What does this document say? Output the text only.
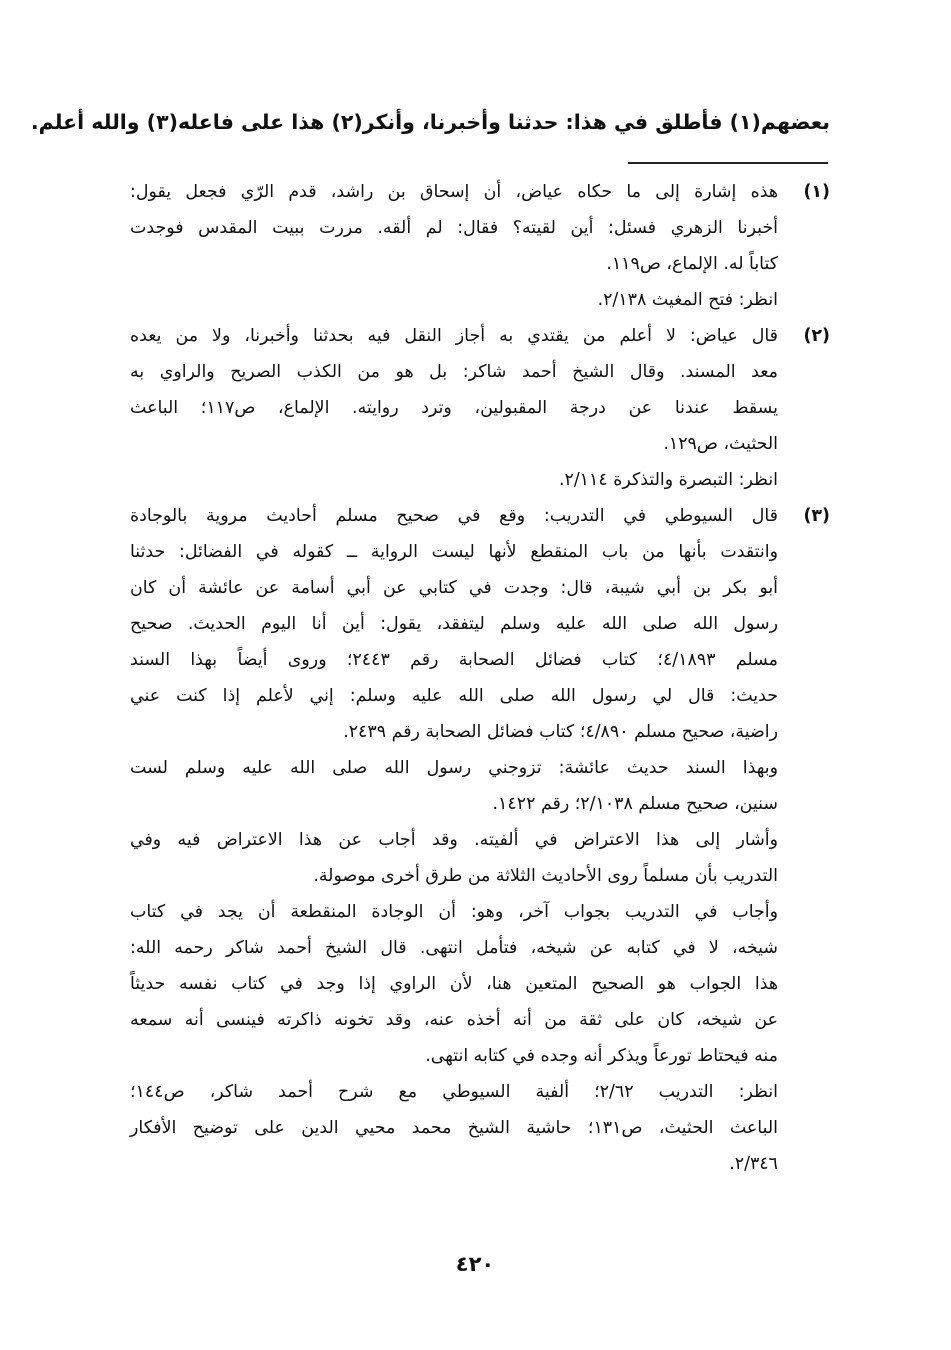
بعضهم(١) فأطلق في هذا: حدثنا وأخبرنا، وأنكر(٢) هذا على فاعله(٣) والله أعلم.
(١)
هذه إشارة إلى ما حكاه عياض، أن إسحاق بن راشد، قدم الرّي فجعل يقول:
أخبرنا الزهري فسئل: أين لقيته؟ فقال: لم ألقه. مررت ببيت المقدس فوجدت
كتاباً له. الإلماع، ص١١٩.
انظر: فتح المغيث ٢/١٣٨.
(٢)
قال عياض: لا أعلم من يقتدي به أجاز النقل فيه بحدثنا وأخبرنا، ولا من يعده
معد المسند. وقال الشيخ أحمد شاكر: بل هو من الكذب الصريح والراوي به
يسقط عندنا عن درجة المقبولين، وترد روايته. الإلماع، ص١١٧؛ الباعث
الحثيث، ص١٢٩.
انظر: التبصرة والتذكرة ٢/١١٤.
(٣)
قال السيوطي في التدريب: وقع في صحيح مسلم أحاديث مروية بالوجادة
وانتقدت بأنها من باب المنقطع لأنها ليست الرواية ــ كقوله في الفضائل: حدثنا
أبو بكر بن أبي شيبة، قال: وجدت في كتابي عن أبي أسامة عن عائشة أن كان
رسول الله صلى الله عليه وسلم ليتفقد، يقول: أين أنا اليوم الحديث. صحيح
مسلم ٤/١٨٩٣؛ كتاب فضائل الصحابة رقم ٢٤٤٣؛ وروى أيضاً بهذا السند
حديث: قال لي رسول الله صلى الله عليه وسلم: إني لأعلم إذا كنت عني
راضية، صحيح مسلم ٤/٨٩٠؛ كتاب فضائل الصحابة رقم ٢٤٣٩.
وبهذا السند حديث عائشة: تزوجني رسول الله صلى الله عليه وسلم لست
سنين، صحيح مسلم ٢/١٠٣٨؛ رقم ١٤٢٢.
وأشار إلى هذا الاعتراض في ألفيته. وقد أجاب عن هذا الاعتراض فيه وفي
التدريب بأن مسلماً روى الأحاديث الثلاثة من طرق أخرى موصولة.
وأجاب في التدريب بجواب آخر، وهو: أن الوجادة المنقطعة أن يجد في كتاب
شيخه، لا في كتابه عن شيخه، فتأمل انتهى. قال الشيخ أحمد شاكر رحمه الله:
هذا الجواب هو الصحيح المتعين هنا، لأن الراوي إذا وجد في كتاب نفسه حديثاً
عن شيخه، كان على ثقة من أنه أخذه عنه، وقد تخونه ذاكرته فينسى أنه سمعه
منه فيحتاط تورعاً ويذكر أنه وجده في كتابه انتهى.
انظر: التدريب ٢/٦٢؛ ألفية السيوطي مع شرح أحمد شاكر، ص١٤٤؛
الباعث الحثيث، ص١٣١؛ حاشية الشيخ محمد محيي الدين على توضيح الأفكار
٢/٣٤٦.
٤٢٠
